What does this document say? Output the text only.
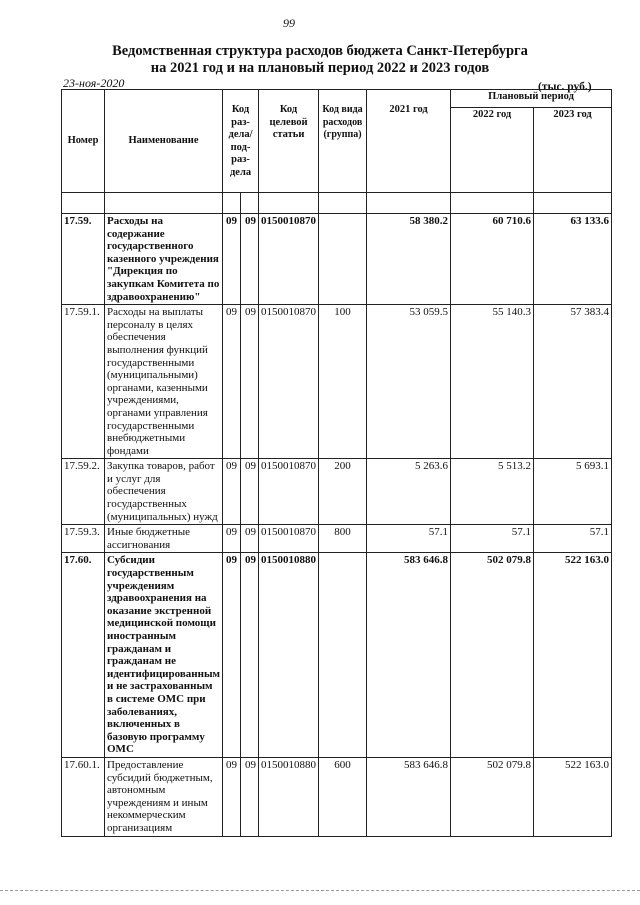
99
Ведомственная структура расходов бюджета Санкт-Петербурга
на 2021 год и на плановый период 2022 и 2023 годов
23-ноя-2020	(тыс. руб.)
Номер	Наименование	Код раз-дела/ под-раз-дела		Код целевой статьи	Код вида расходов (группа)	2021 год	Плановый период	
							2022 год	2023 год

17.59.	Расходы на содержание государственного казенного учреждения "Дирекция по закупкам Комитета по здравоохранению"	09	09	0150010870		58 380.2	60 710.6	63 133.6
17.59.1.	Расходы на выплаты персоналу в целях обеспечения выполнения функций государственными (муниципальными) органами, казенными учреждениями, органами управления государственными внебюджетными фондами	09	09	0150010870	100	53 059.5	55 140.3	57 383.4
17.59.2.	Закупка товаров, работ и услуг для обеспечения государственных (муниципальных) нужд	09	09	0150010870	200	5 263.6	5 513.2	5 693.1
17.59.3.	Иные бюджетные ассигнования	09	09	0150010870	800	57.1	57.1	57.1
17.60.	Субсидии государственным учреждениям здравоохранения на оказание экстренной медицинской помощи иностранным гражданам и гражданам не идентифицированным и не застрахованным в системе ОМС при заболеваниях, включенных в базовую программу ОМС	09	09	0150010880		583 646.8	502 079.8	522 163.0
17.60.1.	Предоставление субсидий бюджетным, автономным учреждениям и иным некоммерческим организациям	09	09	0150010880	600	583 646.8	502 079.8	522 163.0
